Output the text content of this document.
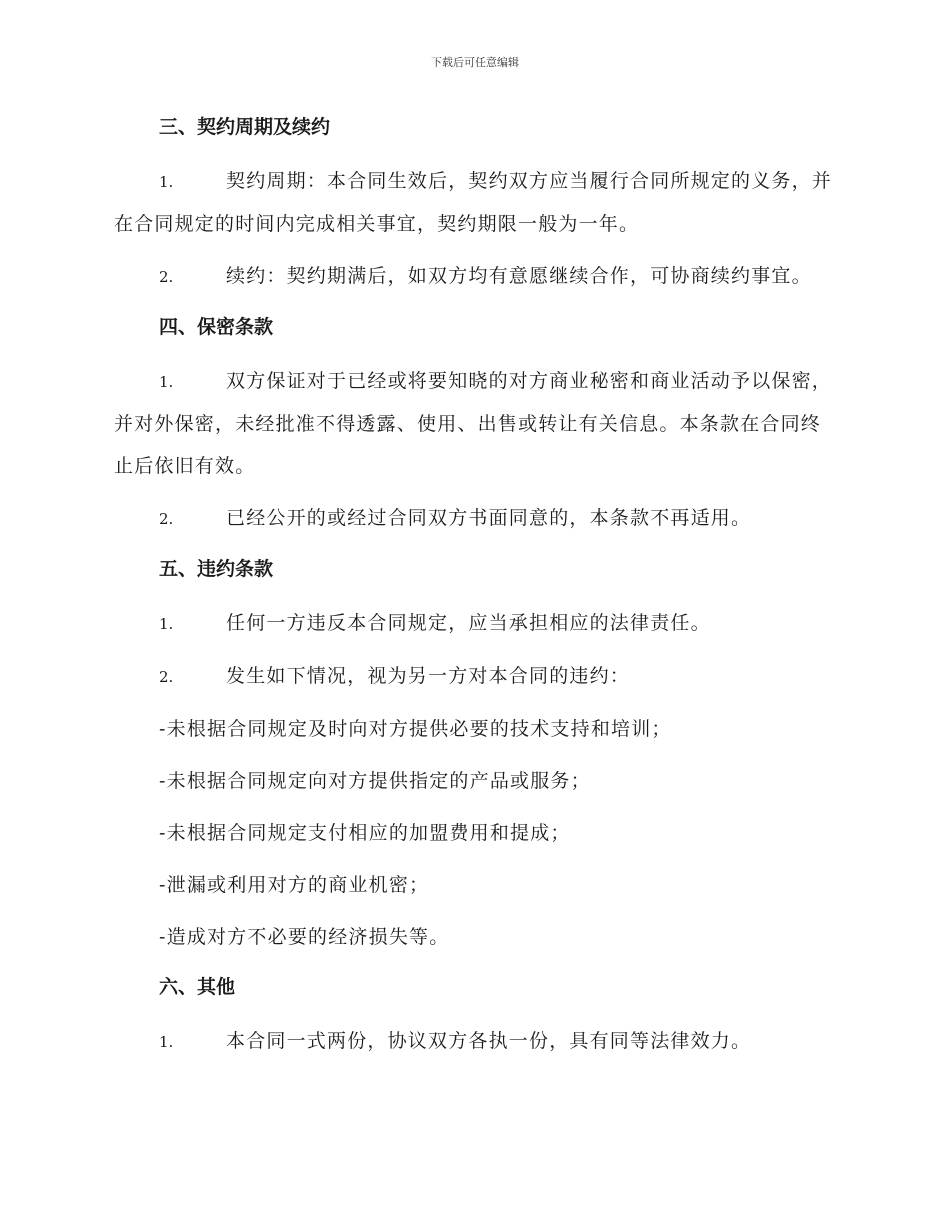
下载后可任意编辑
三、契约周期及续约
1.	契约周期：本合同生效后，契约双方应当履行合同所规定的义务，并在合同规定的时间内完成相关事宜，契约期限一般为一年。
2.	续约：契约期满后，如双方均有意愿继续合作，可协商续约事宜。
四、保密条款
1.	双方保证对于已经或将要知晓的对方商业秘密和商业活动予以保密，并对外保密，未经批准不得透露、使用、出售或转让有关信息。本条款在合同终止后依旧有效。
2.	已经公开的或经过合同双方书面同意的，本条款不再适用。
五、违约条款
1.	任何一方违反本合同规定，应当承担相应的法律责任。
2.	发生如下情况，视为另一方对本合同的违约：
-未根据合同规定及时向对方提供必要的技术支持和培训；
-未根据合同规定向对方提供指定的产品或服务；
-未根据合同规定支付相应的加盟费用和提成；
-泄漏或利用对方的商业机密；
-造成对方不必要的经济损失等。
六、其他
1.	本合同一式两份，协议双方各执一份，具有同等法律效力。
